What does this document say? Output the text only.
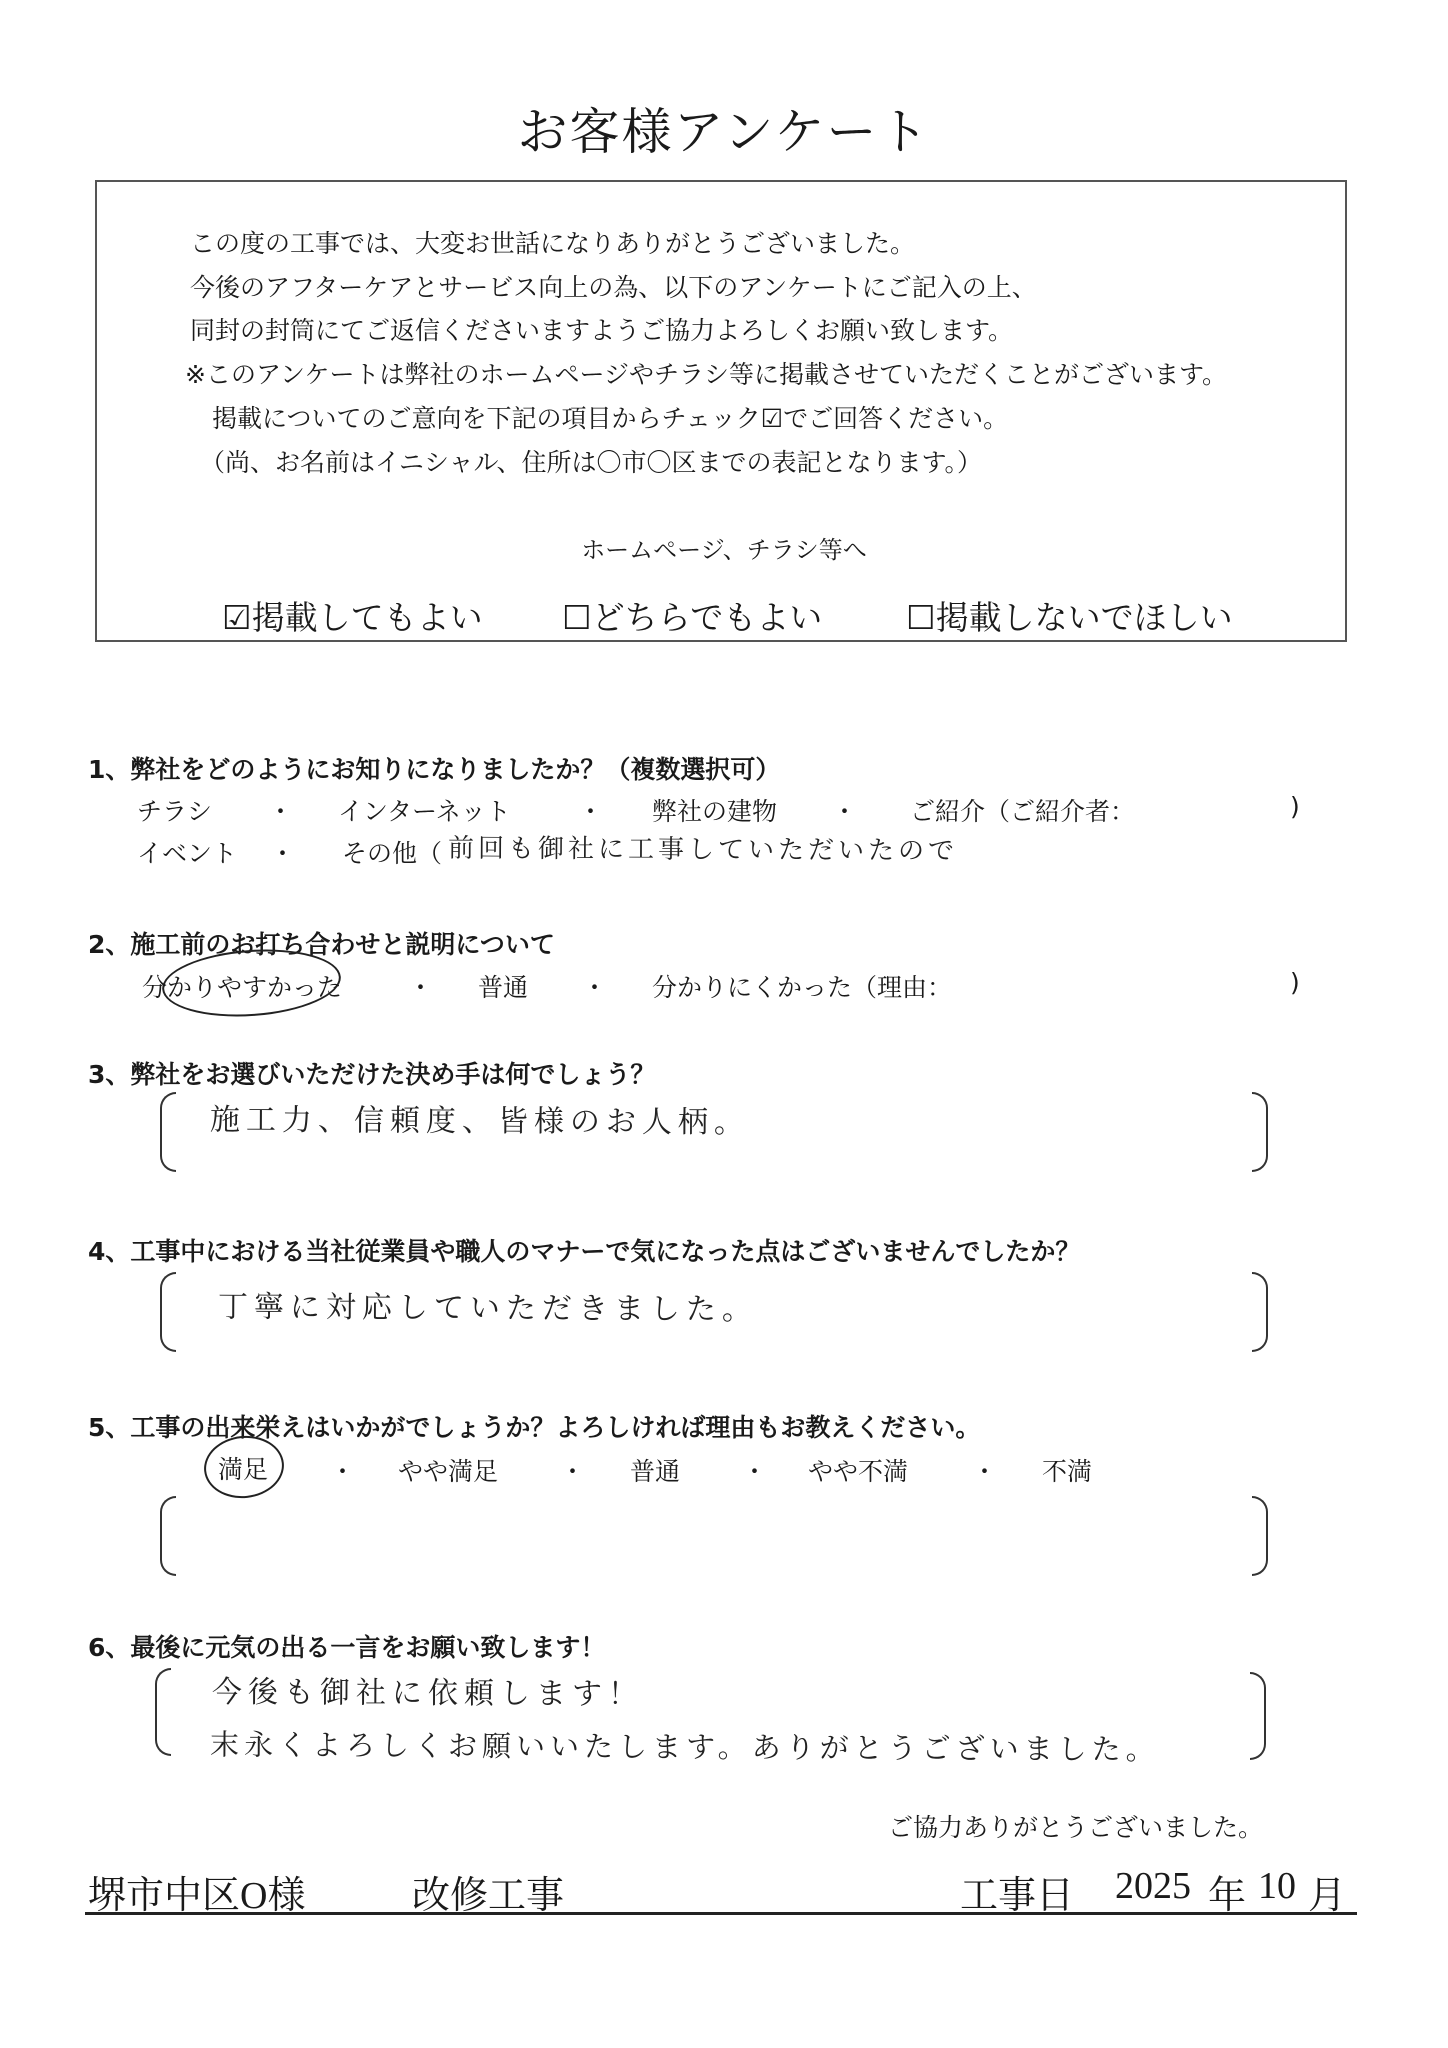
お客様アンケート
この度の工事では、大変お世話になりありがとうございました。
今後のアフターケアとサービス向上の為、以下のアンケートにご記入の上、
同封の封筒にてご返信くださいますようご協力よろしくお願い致します。
※このアンケートは弊社のホームページやチラシ等に掲載させていただくことがございます。
掲載についてのご意向を下記の項目からチェック☑でご回答ください。
（尚、お名前はイニシャル、住所は〇市〇区までの表記となります。）
ホームページ、チラシ等へ
☑掲載してもよい ☐どちらでもよい	☐掲載しないでほしい
1、弊社をどのようにお知りになりましたか？（複数選択可）
チラシ ・ インターネット	・ 弊社の建物 ・ ご紹介（ご紹介者：	)
イベント ・ その他（ 前回も御社に工事していただいたので
2、施工前のお打ち合わせと説明について
分かりやすかった	・ 普通 ・ 分かりにくかった（理由：	)
3、弊社をお選びいただけた決め手は何でしょう？
施工力、信頼度、皆様のお人柄。
4、工事中における当社従業員や職人のマナーで気になった点はございませんでしたか？
丁寧に対応していただきました。
5、工事の出来栄えはいかがでしょうか？よろしければ理由もお教えください。
満足 ・ やや満足 ・ 普通 ・ やや不満	・ 不満
6、最後に元気の出る一言をお願い致します！
今後も御社に依頼します！
末永くよろしくお願いいたします。ありがとうございました。
ご協力ありがとうございました。
堺市中区O様	改修工事	工事日 2025 年 10 月
